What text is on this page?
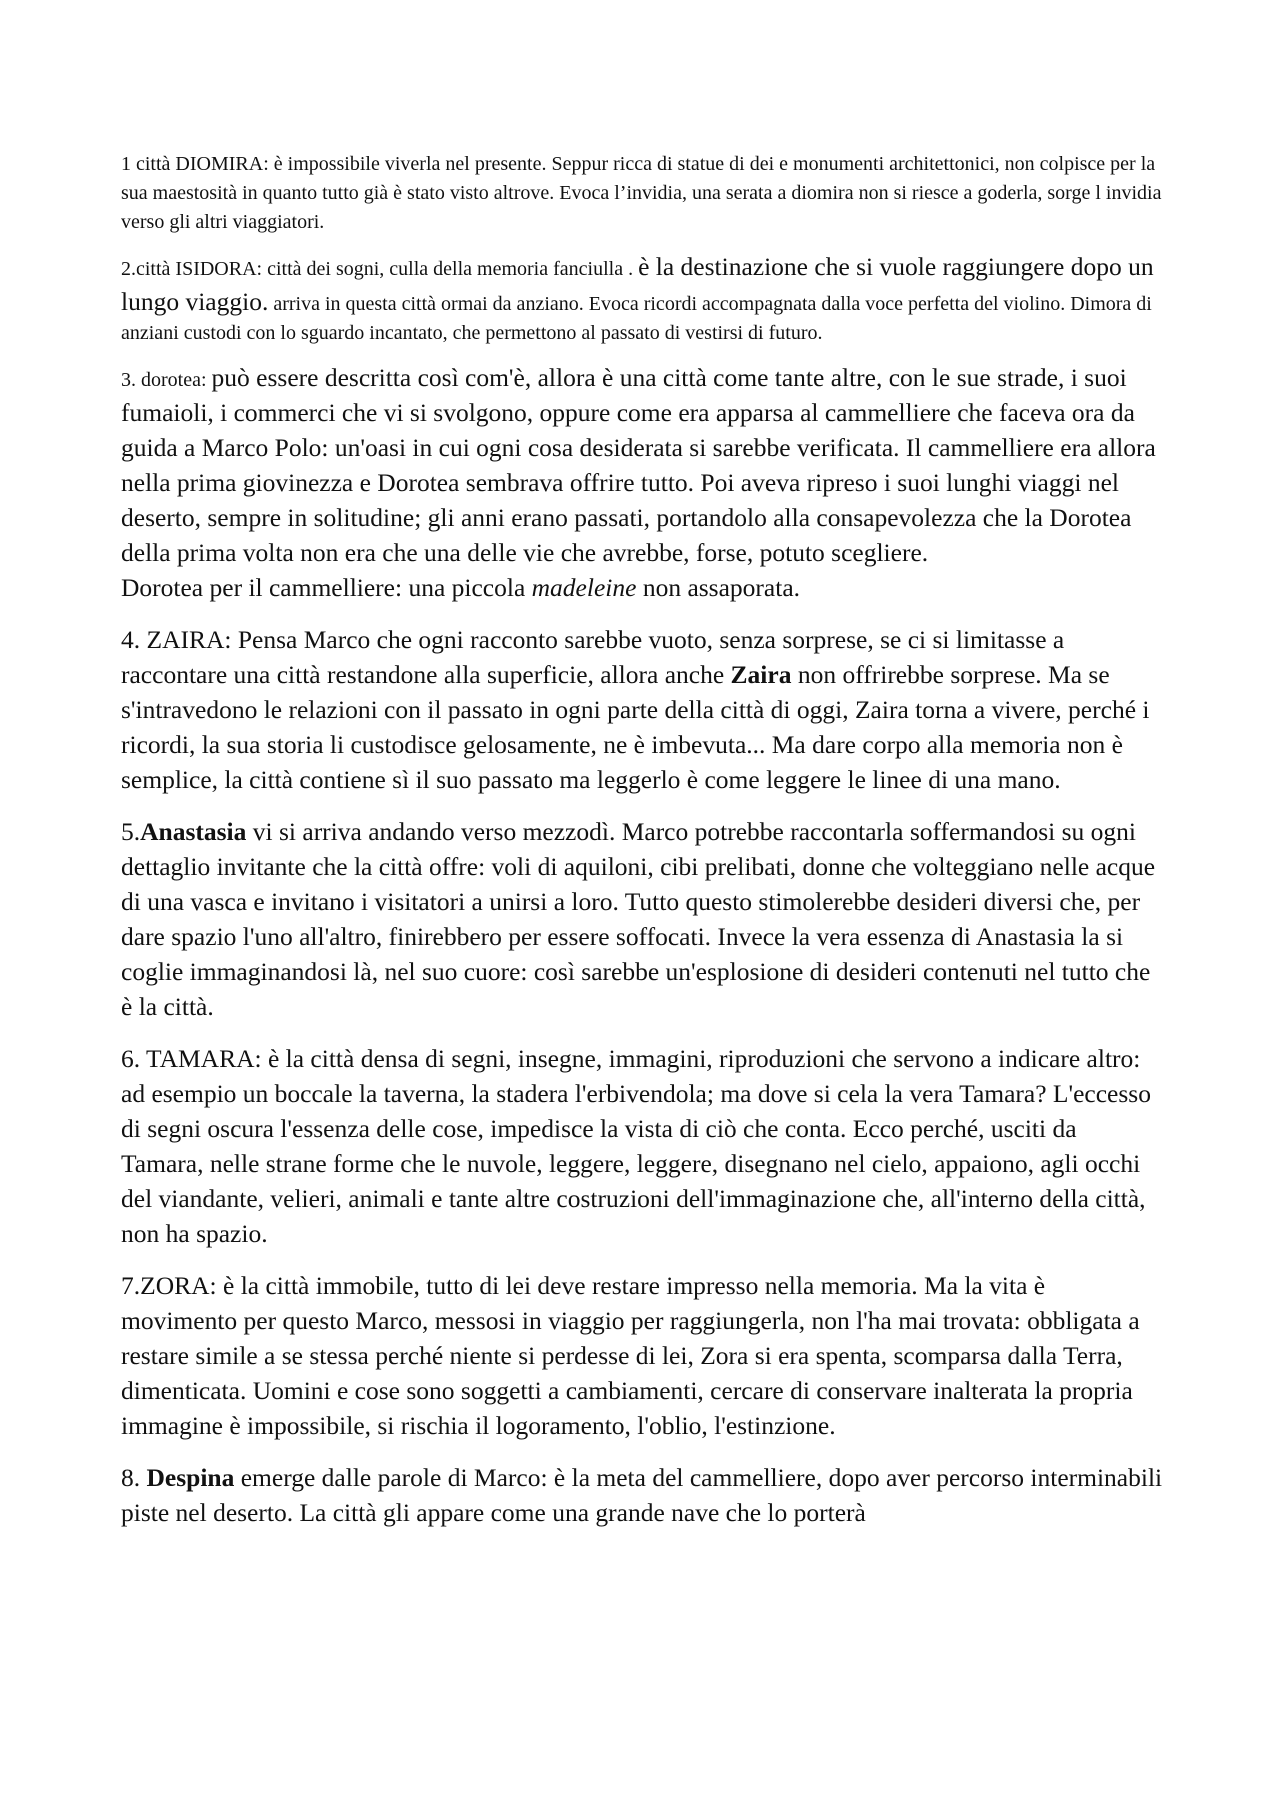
1 città DIOMIRA: è impossibile viverla nel presente. Seppur ricca di statue di dei e monumenti architettonici, non colpisce per la sua maestosità in quanto tutto già è stato visto altrove. Evoca l’invidia, una serata a diomira non si riesce a goderla, sorge l invidia verso gli altri viaggiatori.

2.città ISIDORA: città dei sogni, culla della memoria fanciulla . è la destinazione che si vuole raggiungere dopo un lungo viaggio. arriva in questa città ormai da anziano. Evoca ricordi accompagnata dalla voce perfetta del violino. Dimora di anziani custodi con lo sguardo incantato, che permettono al passato di vestirsi di futuro.

3. dorotea: può essere descritta così com'è, allora è una città come tante altre, con le sue strade, i suoi fumaioli, i commerci che vi si svolgono, oppure come era apparsa al cammelliere che faceva ora da guida a Marco Polo: un'oasi in cui ogni cosa desiderata si sarebbe verificata. Il cammelliere era allora nella prima giovinezza e Dorotea sembrava offrire tutto. Poi aveva ripreso i suoi lunghi viaggi nel deserto, sempre in solitudine; gli anni erano passati, portandolo alla consapevolezza che la Dorotea della prima volta non era che una delle vie che avrebbe, forse, potuto scegliere.
Dorotea per il cammelliere: una piccola madeleine non assaporata.

4. ZAIRA: Pensa Marco che ogni racconto sarebbe vuoto, senza sorprese, se ci si limitasse a raccontare una città restandone alla superficie, allora anche Zaira non offrirebbe sorprese. Ma se s'intravedono le relazioni con il passato in ogni parte della città di oggi, Zaira torna a vivere, perché i ricordi, la sua storia li custodisce gelosamente, ne è imbevuta... Ma dare corpo alla memoria non è semplice, la città contiene sì il suo passato ma leggerlo è come leggere le linee di una mano.

5.Anastasia vi si arriva andando verso mezzodì. Marco potrebbe raccontarla soffermandosi su ogni dettaglio invitante che la città offre: voli di aquiloni, cibi prelibati, donne che volteggiano nelle acque di una vasca e invitano i visitatori a unirsi a loro. Tutto questo stimolerebbe desideri diversi che, per dare spazio l'uno all'altro, finirebbero per essere soffocati. Invece la vera essenza di Anastasia la si coglie immaginandosi là, nel suo cuore: così sarebbe un'esplosione di desideri contenuti nel tutto che è la città.

6. TAMARA: è la città densa di segni, insegne, immagini, riproduzioni che servono a indicare altro: ad esempio un boccale la taverna, la stadera l'erbivendola; ma dove si cela la vera Tamara? L'eccesso di segni oscura l'essenza delle cose, impedisce la vista di ciò che conta. Ecco perché, usciti da Tamara, nelle strane forme che le nuvole, leggere, leggere, disegnano nel cielo, appaiono, agli occhi del viandante, velieri, animali e tante altre costruzioni dell'immaginazione che, all'interno della città, non ha spazio.

7.ZORA: è la città immobile, tutto di lei deve restare impresso nella memoria. Ma la vita è movimento per questo Marco, messosi in viaggio per raggiungerla, non l'ha mai trovata: obbligata a restare simile a se stessa perché niente si perdesse di lei, Zora si era spenta, scomparsa dalla Terra, dimenticata. Uomini e cose sono soggetti a cambiamenti, cercare di conservare inalterata la propria immagine è impossibile, si rischia il logoramento, l'oblio, l'estinzione.

8. Despina emerge dalle parole di Marco: è la meta del cammelliere, dopo aver percorso interminabili piste nel deserto. La città gli appare come una grande nave che lo porterà
